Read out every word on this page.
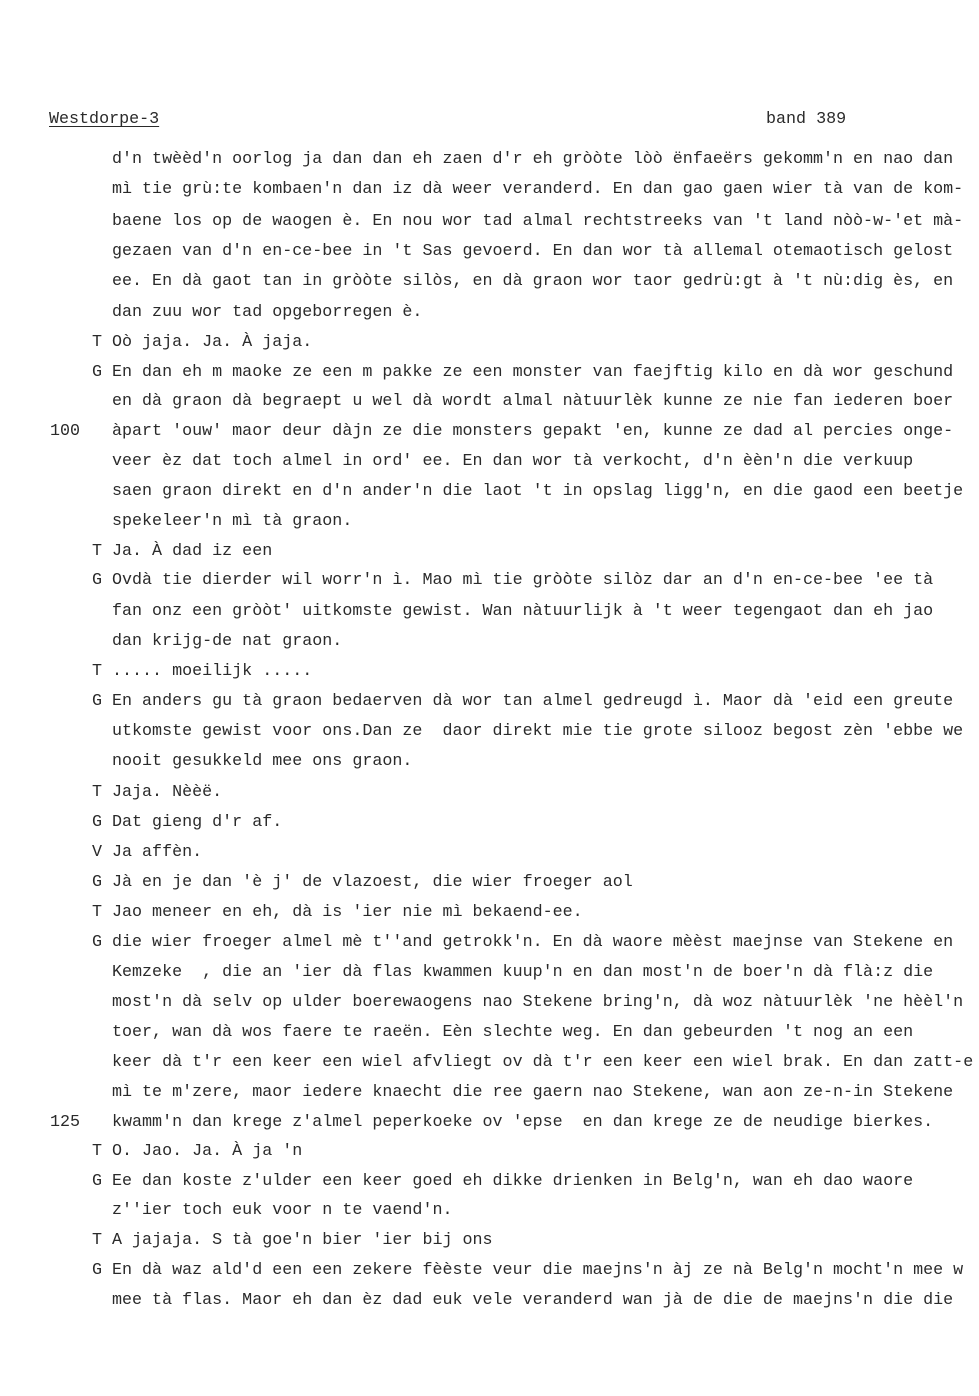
Westdorpe-3	band 389
d'n twèèd'n oorlog ja dan dan eh zaen d'r eh gròòte lòò ënfaeërs gekomm'n en nao dan
mì tie grù:te kombaen'n dan iz dà weer veranderd. En dan gao gaen wier tà van de kom-
baene los op de waogen è. En nou wor tad almal rechtstreeks van 't land nòò-w-'et mà-
gezaen van d'n en-ce-bee in 't Sas gevoerd. En dan wor tà allemal otemaotisch gelost
ee. En dà gaot tan in gròòte silòs, en dà graon wor taor gedrù:gt à 't nù:dig ès, en
dan zuu wor tad opgeborregen è.
T Oò jaja. Ja. À jaja.
G En dan eh m maoke ze een m pakke ze een monster van faejftig kilo en dà wor geschund
en dà graon dà begraept u wel dà wordt almal nàtuurlèk kunne ze nie fan iederen boer
100 àpart 'ouw' maor deur dàjn ze die monsters gepakt 'en, kunne ze dad al percies onge-
veer èz dat toch almel in ord' ee. En dan wor tà verkocht, d'n èèn'n die verkuup
saen graon direkt en d'n ander'n die laot 't in opslag ligg'n, en die gaod een beetje
spekeleer'n mì tà graon.
T Ja. À dad iz een
G Ovdà tie dierder wil worr'n ì. Mao mì tie gròòte silòz dar an d'n en-ce-bee 'ee tà
fan onz een gròòt' uitkomste gewist. Wan nàtuurlijk à 't weer tegengaot dan eh jao
dan krijg-de nat graon.
T ..... moeilijk .....
G En anders gu tà graon bedaerven dà wor tan almel gedreugd ì. Maor dà 'eid een greute
utkomste gewist voor ons.Dan ze  daor direkt mie tie grote silooz begost zèn 'ebbe we
nooit gesukkeld mee ons graon.
T Jaja. Nèèë.
G Dat gieng d'r af.
V Ja affèn.
G Jà en je dan 'è j' de vlazoest, die wier froeger aol
T Jao meneer en eh, dà is 'ier nie mì bekaend-ee.
G die wier froeger almel mè t''and getrokk'n. En dà waore mèèst maejnse van Stekene en
Kemzeke  , die an 'ier dà flas kwammen kuup'n en dan most'n de boer'n dà flà:z die
most'n dà selv op ulder boerewaogens nao Stekene bring'n, dà woz nàtuurlèk 'ne hèèl'n
toer, wan dà wos faere te raeën. Eèn slechte weg. En dan gebeurden 't nog an een
keer dà t'r een keer een wiel afvliegt ov dà t'r een keer een wiel brak. En dan zatt-e
mì te m'zere, maor iedere knaecht die ree gaern nao Stekene, wan aon ze-n-in Stekene
125 kwamm'n dan krege z'almel peperkoeke ov 'epse  en dan krege ze de neudige bierkes.
T O. Jao. Ja. À ja 'n
G Ee dan koste z'ulder een keer goed eh dikke drienken in Belg'n, wan eh dao waore
z''ier toch euk voor n te vaend'n.
T A jajaja. S tà goe'n bier 'ier bij ons
G En dà waz ald'd een een zekere fèèste veur die maejns'n àj ze nà Belg'n mocht'n mee w
mee tà flas. Maor eh dan èz dad euk vele veranderd wan jà de die de maejns'n die die
